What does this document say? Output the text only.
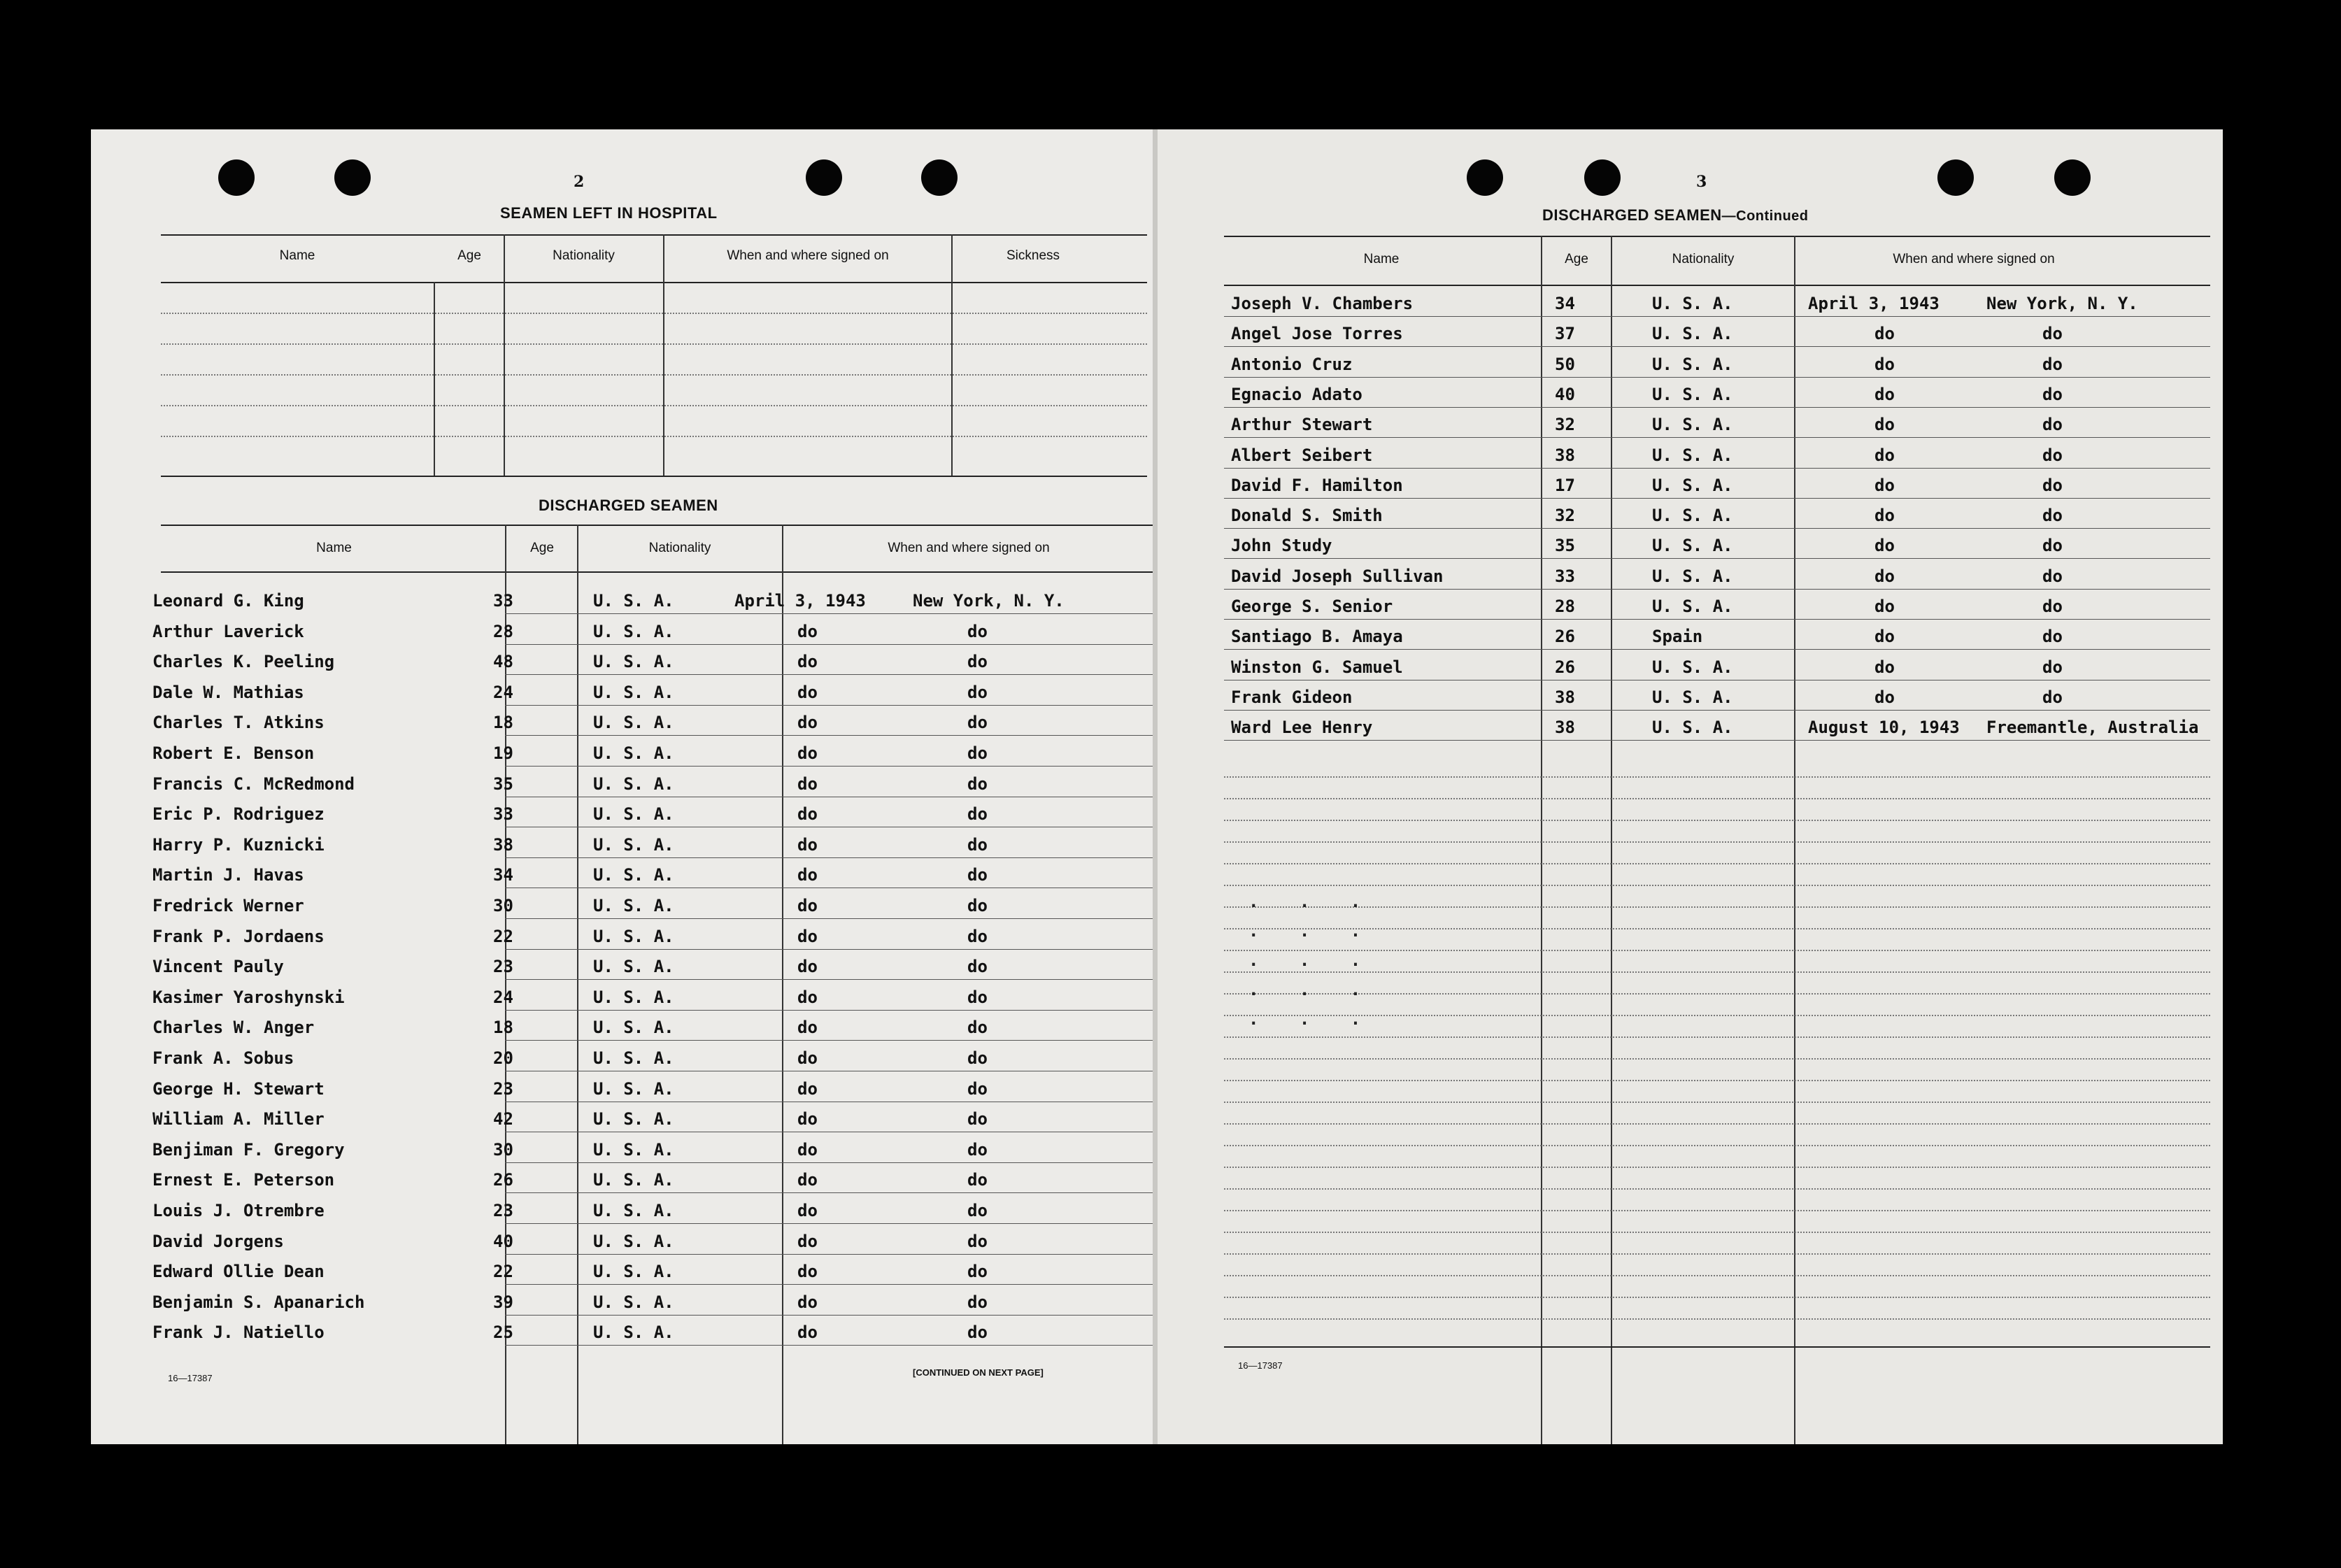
2
SEAMEN LEFT IN HOSPITAL
Name	Age	Nationality	When and where signed on	Sickness
DISCHARGED SEAMEN
Name	Age	Nationality	When and where signed on
Leonard G. King	33	U. S. A.	April 3, 1943	New York, N. Y.
Arthur Laverick	28	U. S. A.	do	do
Charles K. Peeling	48	U. S. A.	do	do
Dale W. Mathias	24	U. S. A.	do	do
Charles T. Atkins	18	U. S. A.	do	do
Robert E. Benson	19	U. S. A.	do	do
Francis C. McRedmond	35	U. S. A.	do	do
Eric P. Rodriguez	33	U. S. A.	do	do
Harry P. Kuznicki	38	U. S. A.	do	do
Martin J. Havas	34	U. S. A.	do	do
Fredrick Werner	30	U. S. A.	do	do
Frank P. Jordaens	22	U. S. A.	do	do
Vincent Pauly	23	U. S. A.	do	do
Kasimer Yaroshynski	24	U. S. A.	do	do
Charles W. Anger	18	U. S. A.	do	do
Frank A. Sobus	20	U. S. A.	do	do
George H. Stewart	23	U. S. A.	do	do
William A. Miller	42	U. S. A.	do	do
Benjiman F. Gregory	30	U. S. A.	do	do
Ernest E. Peterson	26	U. S. A.	do	do
Louis J. Otrembre	23	U. S. A.	do	do
David Jorgens	40	U. S. A.	do	do
Edward Ollie Dean	22	U. S. A.	do	do
Benjamin S. Apanarich	39	U. S. A.	do	do
Frank J. Natiello	25	U. S. A.	do	do
16—17387
[CONTINUED ON NEXT PAGE]
3
DISCHARGED SEAMEN—Continued
Name	Age	Nationality	When and where signed on
Joseph V. Chambers	34	U. S. A.	April 3, 1943	New York, N. Y.
Angel Jose Torres	37	U. S. A.	do	do
Antonio Cruz	50	U. S. A.	do	do
Egnacio Adato	40	U. S. A.	do	do
Arthur Stewart	32	U. S. A.	do	do
Albert Seibert	38	U. S. A.	do	do
David F. Hamilton	17	U. S. A.	do	do
Donald S. Smith	32	U. S. A.	do	do
John Study	35	U. S. A.	do	do
David Joseph Sullivan	33	U. S. A.	do	do
George S. Senior	28	U. S. A.	do	do
Santiago B. Amaya	26	Spain	do	do
Winston G. Samuel	26	U. S. A.	do	do
Frank Gideon	38	U. S. A.	do	do
Ward Lee Henry	38	U. S. A.	August 10, 1943 Freemantle, Australia
. . .
. . .
. . .
. . .
. . .
16—17387
